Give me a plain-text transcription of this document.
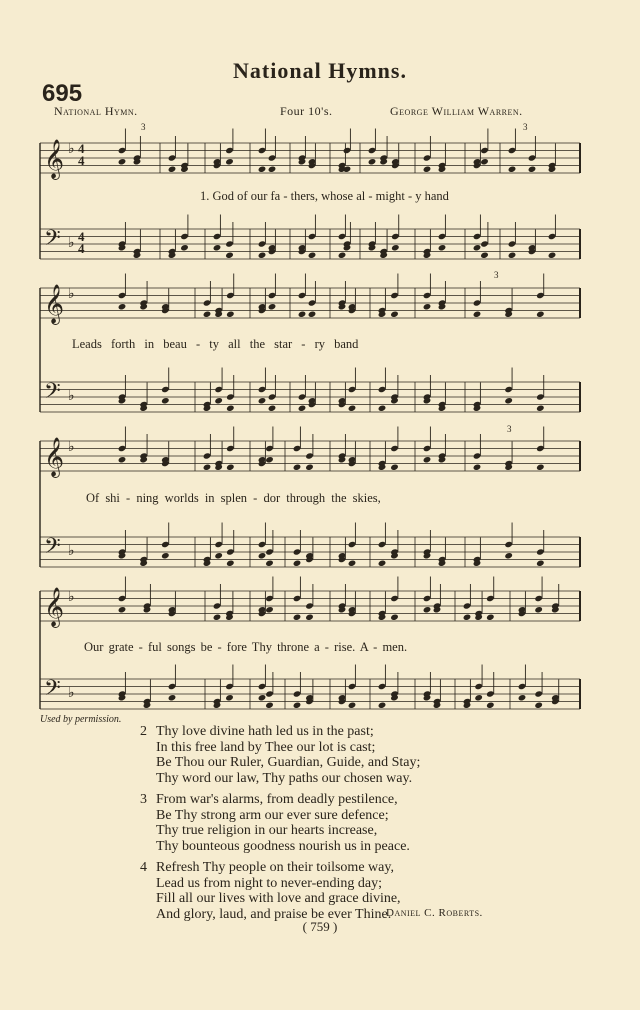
National Hymns.
695
National Hymn.	Four 10's.	George William Warren.
𝄞 ♭
𝄢 ♭
𝄞 ♭
𝄢 ♭
𝄞 ♭
𝄢 ♭
𝄞 ♭
𝄢 ♭
4
4
4
4
3	3
3
3
1. God of our fa - thers, whose al - might - y hand
Leads forth in beau - ty all the star - ry band
Of shi - ning worlds in splen - dor through the skies,
Our grate - ful songs be - fore Thy throne a - rise. A - men.
Used by permission.
2 Thy love divine hath led us in the past;
In this free land by Thee our lot is cast;
Be Thou our Ruler, Guardian, Guide, and Stay;
Thy word our law, Thy paths our chosen way.
3 From war's alarms, from deadly pestilence,
Be Thy strong arm our ever sure defence;
Thy true religion in our hearts increase,
Thy bounteous goodness nourish us in peace.
4 Refresh Thy people on their toilsome way,
Lead us from night to never-ending day;
Fill all our lives with love and grace divine,
And glory, laud, and praise be ever Thine.
Daniel C. Roberts.
( 759 )
